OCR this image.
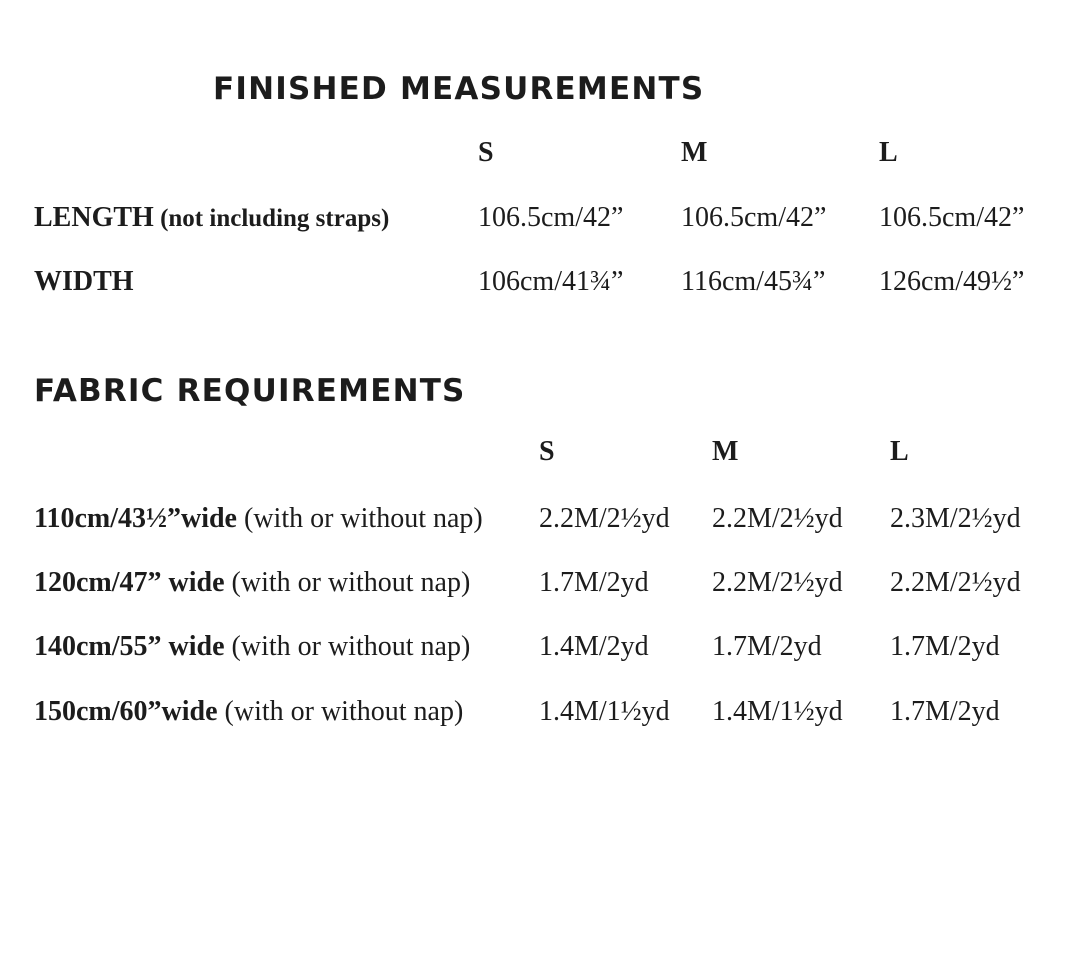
FINISHED MEASUREMENTS
S	M	L
LENGTH (not including straps)	106.5cm/42” 106.5cm/42” 106.5cm/42”
WIDTH	106cm/41¾” 116cm/45¾” 126cm/49½”
FABRIC REQUIREMENTS
S	M	L
110cm/43½”wide (with or without nap) 2.2M/2½yd 2.2M/2½yd 2.3M/2½yd
120cm/47” wide (with or without nap) 1.7M/2yd 2.2M/2½yd 2.2M/2½yd
140cm/55” wide (with or without nap) 1.4M/2yd 1.7M/2yd 1.7M/2yd
150cm/60”wide (with or without nap)	1.4M/1½yd 1.4M/1½yd 1.7M/2yd
